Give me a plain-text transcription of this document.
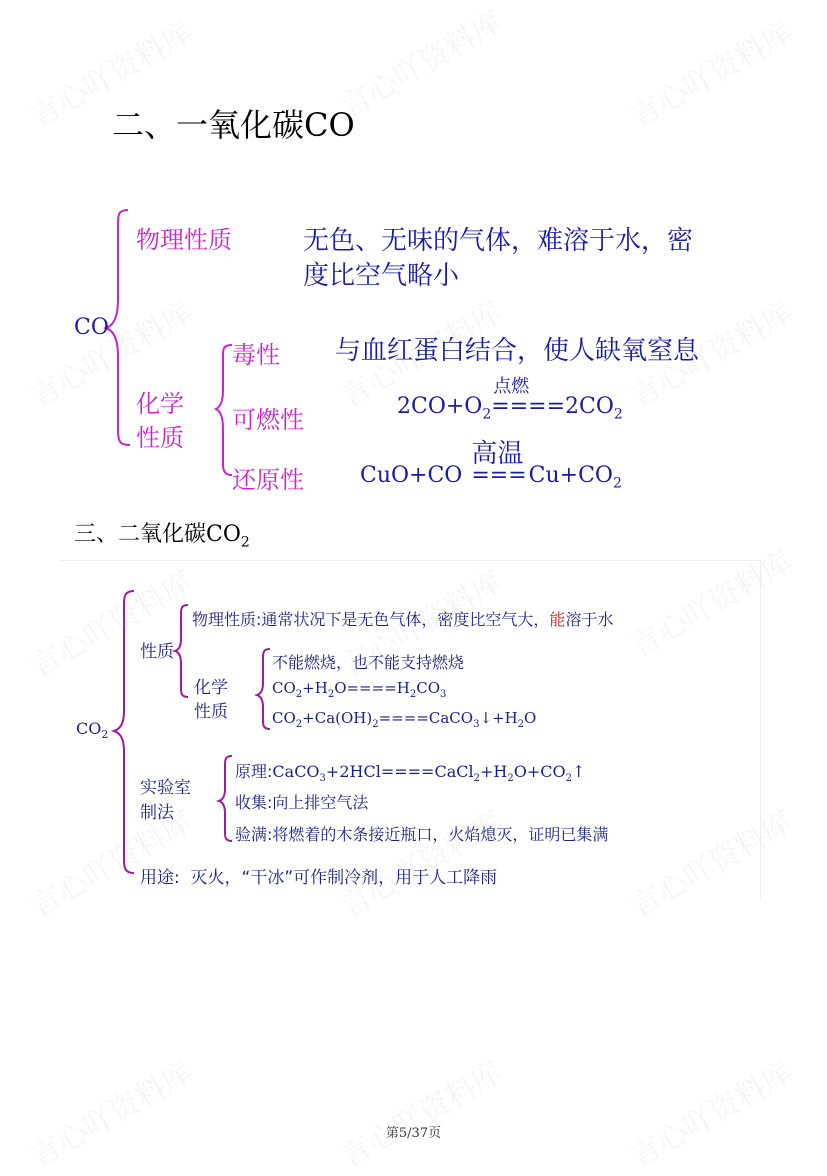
二、一氧化碳CO
CO
物理性质	无色、无味的气体，难溶于水，密
度比空气略小
化学
性质
毒性 与血红蛋白结合，使人缺氧窒息
可燃性	$2CO+O_2$
点燃
$====2CO_2$
还原性	CuO+CO
高温
$===Cu+CO_2$
三、二氧化碳$CO_2$
$CO_2$
性质
物理性质:通常状况下是无色气体，密度比空气大，能溶于水
化学
性质
不能燃烧，也不能支持燃烧
$CO_2+H_2O====H_2CO_3$
$CO_2+Ca(OH)_2====CaCO_3↓+H_2O$
实验室
制法
原理$:CaCO_3+2HCl====CaCl_2+H_2O+CO_2↑$
收集:向上排空气法
验满:将燃着的木条接近瓶口，火焰熄灭，证明已集满
用途: 灭火，“干冰”可作制冷剂，用于人工降雨
第5/37页
